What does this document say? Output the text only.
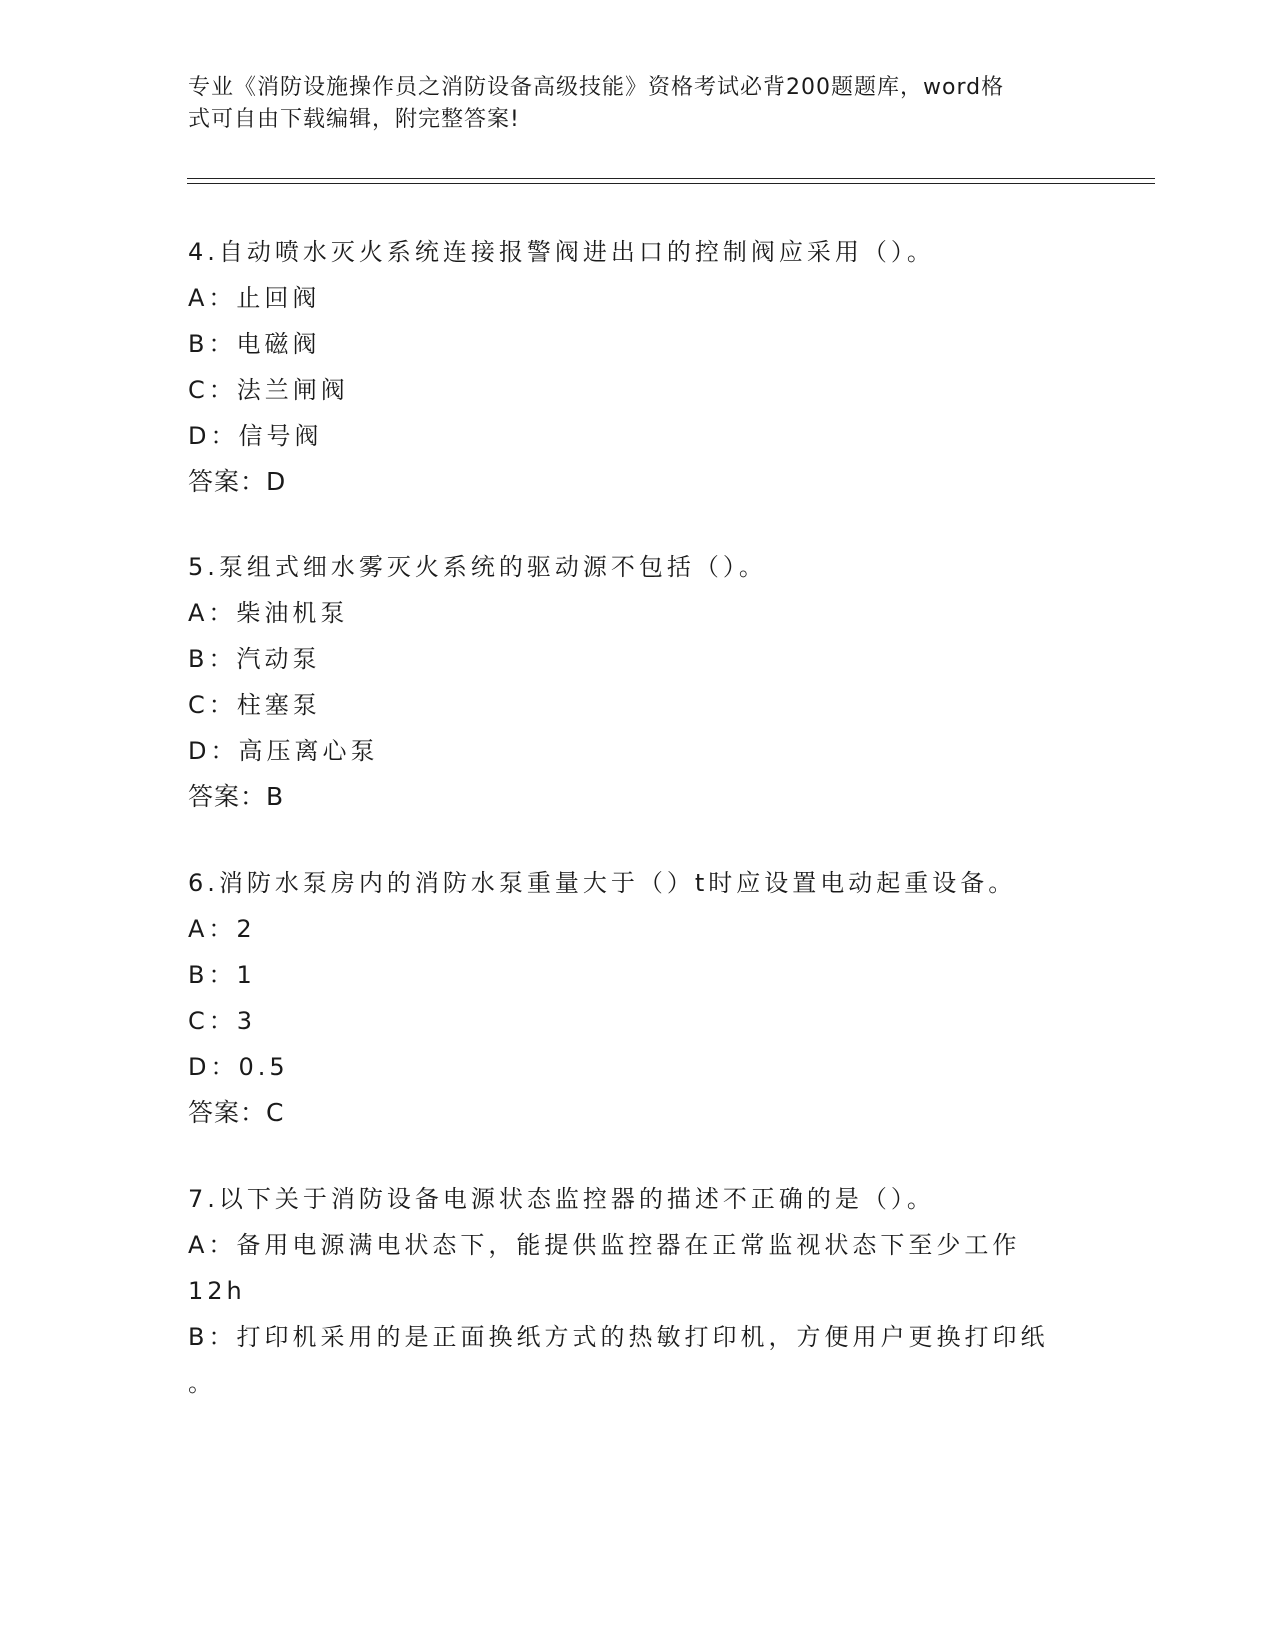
专业《消防设施操作员之消防设备高级技能》资格考试必背200题题库，word格
式可自由下载编辑，附完整答案!
4.自动喷水灭火系统连接报警阀进出口的控制阀应采用（）。
A：止回阀
B：电磁阀
C：法兰闸阀
D：信号阀
答案：D
5.泵组式细水雾灭火系统的驱动源不包括（）。
A：柴油机泵
B：汽动泵
C：柱塞泵
D：高压离心泵
答案：B
6.消防水泵房内的消防水泵重量大于（）t时应设置电动起重设备。
A：2
B：1
C：3
D：0.5
答案：C
7.以下关于消防设备电源状态监控器的描述不正确的是（）。
A：备用电源满电状态下，能提供监控器在正常监视状态下至少工作
12h
B：打印机采用的是正面换纸方式的热敏打印机，方便用户更换打印纸
。
